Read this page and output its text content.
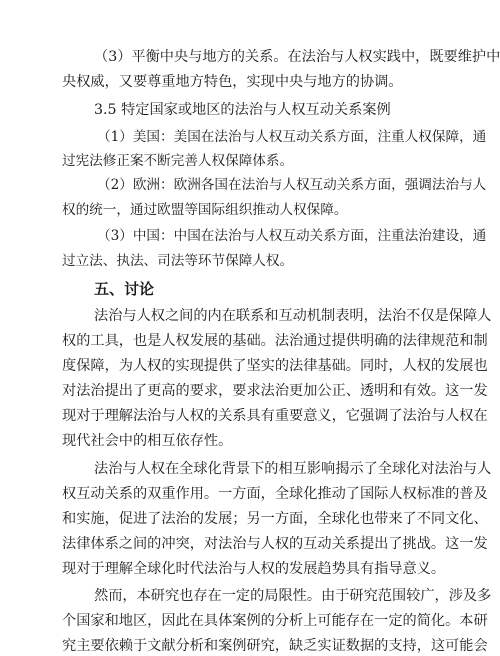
（3）平衡中央与地方的关系。在法治与人权实践中，既要维护中
央权威，又要尊重地方特色，实现中央与地方的协调。
3.5 特定国家或地区的法治与人权互动关系案例
（1）美国：美国在法治与人权互动关系方面，注重人权保障，通
过宪法修正案不断完善人权保障体系。
（2）欧洲：欧洲各国在法治与人权互动关系方面，强调法治与人
权的统一，通过欧盟等国际组织推动人权保障。
（3）中国：中国在法治与人权互动关系方面，注重法治建设，通
过立法、执法、司法等环节保障人权。
五、讨论
法治与人权之间的内在联系和互动机制表明，法治不仅是保障人
权的工具，也是人权发展的基础。法治通过提供明确的法律规范和制
度保障，为人权的实现提供了坚实的法律基础。同时，人权的发展也
对法治提出了更高的要求，要求法治更加公正、透明和有效。这一发
现对于理解法治与人权的关系具有重要意义，它强调了法治与人权在
现代社会中的相互依存性。
法治与人权在全球化背景下的相互影响揭示了全球化对法治与人
权互动关系的双重作用。一方面，全球化推动了国际人权标准的普及
和实施，促进了法治的发展；另一方面，全球化也带来了不同文化、
法律体系之间的冲突，对法治与人权的互动关系提出了挑战。这一发
现对于理解全球化时代法治与人权的发展趋势具有指导意义。
然而，本研究也存在一定的局限性。由于研究范围较广，涉及多
个国家和地区，因此在具体案例的分析上可能存在一定的简化。本研
究主要依赖于文献分析和案例研究，缺乏实证数据的支持，这可能会
